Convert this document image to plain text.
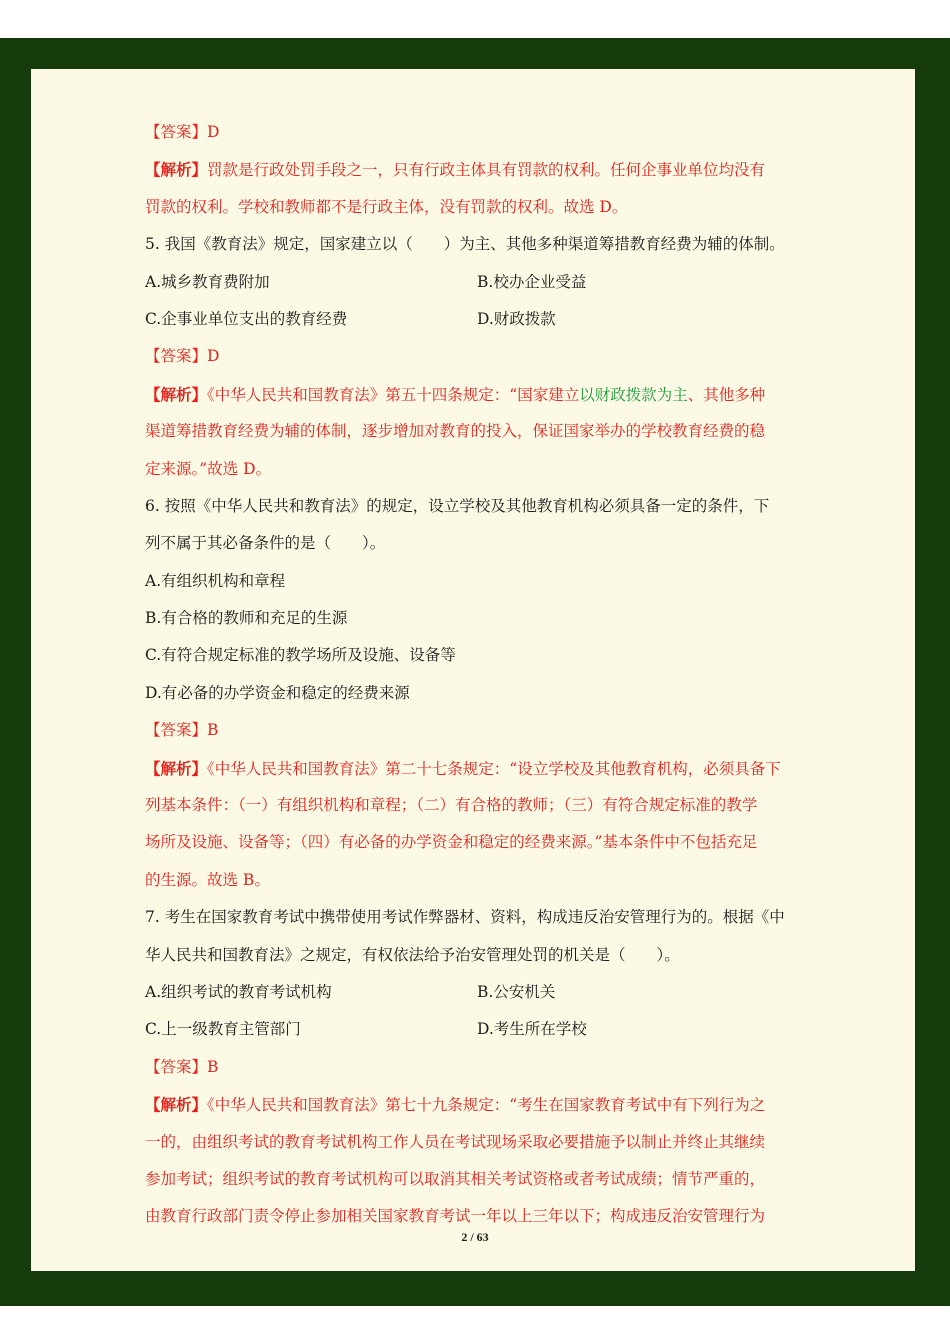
【答案】D
【解析】罚款是行政处罚手段之一，只有行政主体具有罚款的权利。任何企事业单位均没有
罚款的权利。学校和教师都不是行政主体，没有罚款的权利。故选 D。
5. 我国《教育法》规定，国家建立以（　　）为主、其他多种渠道筹措教育经费为辅的体制。
A.城乡教育费附加	B.校办企业受益
C.企事业单位支出的教育经费	D.财政拨款
【答案】D
【解析】《中华人民共和国教育法》第五十四条规定：“国家建立以财政拨款为主、其他多种
渠道筹措教育经费为辅的体制，逐步增加对教育的投入，保证国家举办的学校教育经费的稳
定来源。”故选 D。
6. 按照《中华人民共和教育法》的规定，设立学校及其他教育机构必须具备一定的条件，下
列不属于其必备条件的是（　　）。
A.有组织机构和章程
B.有合格的教师和充足的生源
C.有符合规定标准的教学场所及设施、设备等
D.有必备的办学资金和稳定的经费来源
【答案】B
【解析】《中华人民共和国教育法》第二十七条规定：“设立学校及其他教育机构，必须具备下
列基本条件：（一）有组织机构和章程；（二）有合格的教师；（三）有符合规定标准的教学
场所及设施、设备等；（四）有必备的办学资金和稳定的经费来源。”基本条件中不包括充足
的生源。故选 B。
7. 考生在国家教育考试中携带使用考试作弊器材、资料，构成违反治安管理行为的。根据《中
华人民共和国教育法》之规定，有权依法给予治安管理处罚的机关是（　　）。
A.组织考试的教育考试机构	B.公安机关
C.上一级教育主管部门	D.考生所在学校
【答案】B
【解析】《中华人民共和国教育法》第七十九条规定：“考生在国家教育考试中有下列行为之
一的，由组织考试的教育考试机构工作人员在考试现场采取必要措施予以制止并终止其继续
参加考试；组织考试的教育考试机构可以取消其相关考试资格或者考试成绩；情节严重的，
由教育行政部门责令停止参加相关国家教育考试一年以上三年以下；构成违反治安管理行为
2 / 63
